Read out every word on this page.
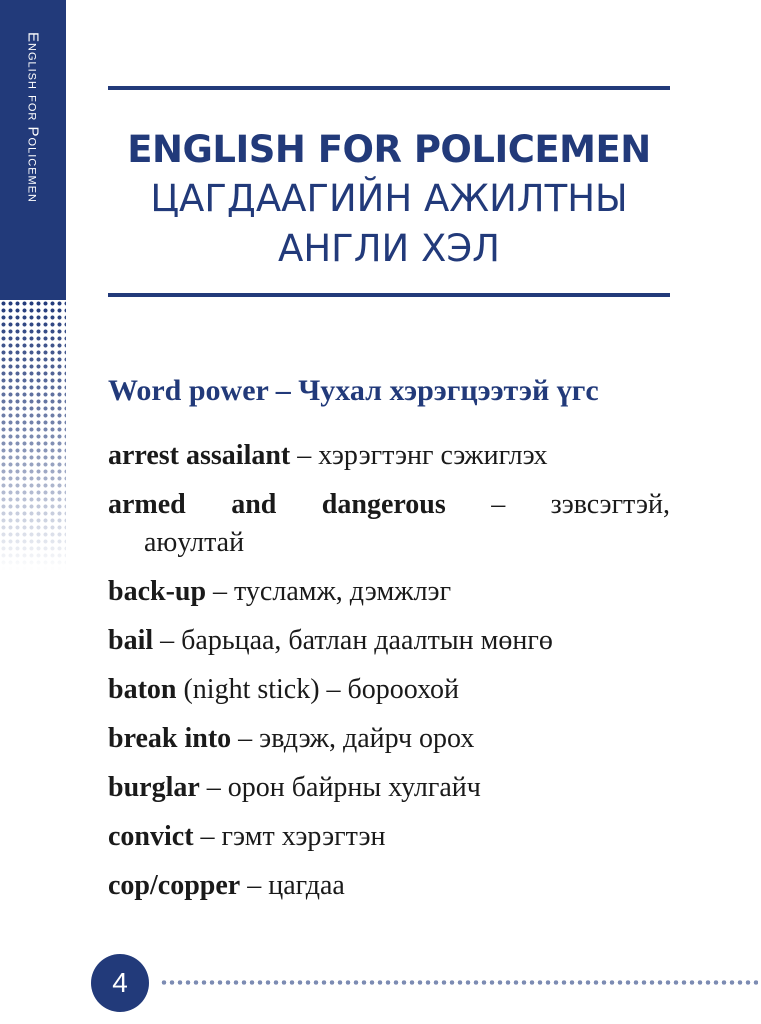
English for Policemen	ENGLISH FOR POLICEMEN
ЦАГДААГИЙН АЖИЛТНЫ
АНГЛИ ХЭЛ
Word power – Чухал хэрэгцээтэй үгс
arrest assailant – хэрэгтэнг сэжиглэх
armed and dangerous – зэвсэгтэй,
аюултай
back-up – тусламж, дэмжлэг
bail – барьцаа, батлан даалтын мөнгө
baton (night stick) – бороохой
break into – эвдэж, дайрч орох
burglar – орон байрны хулгайч
convict – гэмт хэрэгтэн
cop/copper – цагдаа
4
